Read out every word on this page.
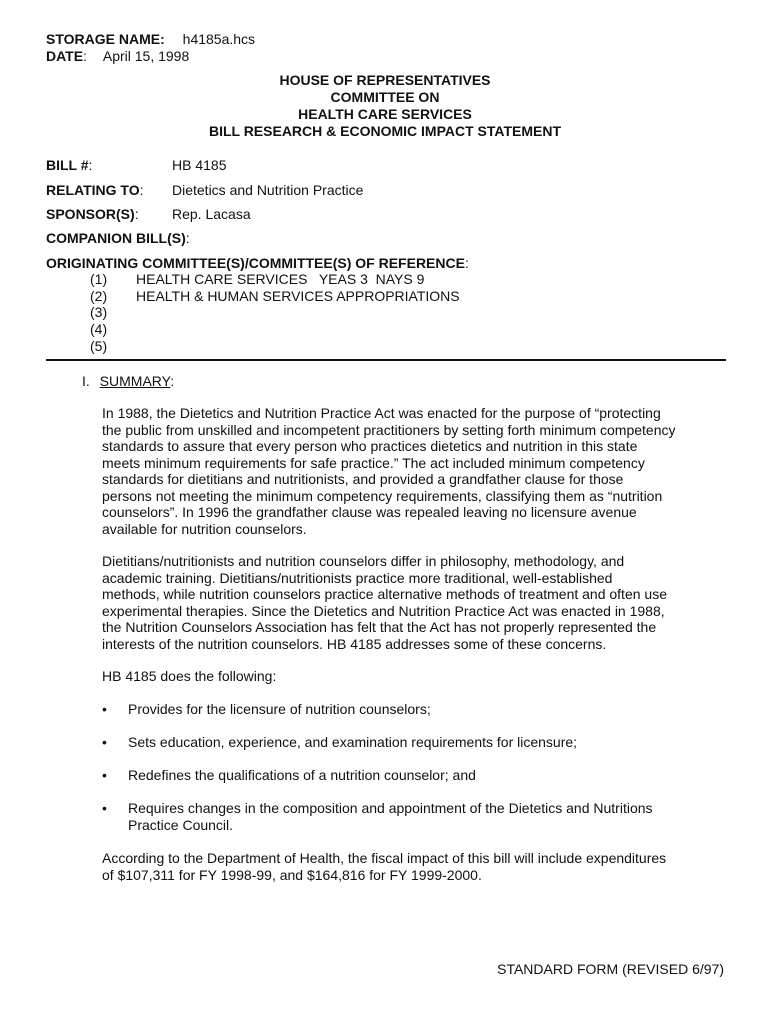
STORAGE NAME: h4185a.hcs
DATE: April 15, 1998
HOUSE OF REPRESENTATIVES
COMMITTEE ON
HEALTH CARE SERVICES
BILL RESEARCH & ECONOMIC IMPACT STATEMENT
BILL #:	HB 4185
RELATING TO: Dietetics and Nutrition Practice
SPONSOR(S): Rep. Lacasa
COMPANION BILL(S):
ORIGINATING COMMITTEE(S)/COMMITTEE(S) OF REFERENCE:
(1) HEALTH CARE SERVICES   YEAS 3  NAYS 9
(2) HEALTH & HUMAN SERVICES APPROPRIATIONS
(3)
(4)
(5)
I. SUMMARY:
In 1988, the Dietetics and Nutrition Practice Act was enacted for the purpose of “protecting
the public from unskilled and incompetent practitioners by setting forth minimum competency
standards to assure that every person who practices dietetics and nutrition in this state
meets minimum requirements for safe practice.” The act included minimum competency
standards for dietitians and nutritionists, and provided a grandfather clause for those
persons not meeting the minimum competency requirements, classifying them as “nutrition
counselors”. In 1996 the grandfather clause was repealed leaving no licensure avenue
available for nutrition counselors.
Dietitians/nutritionists and nutrition counselors differ in philosophy, methodology, and
academic training. Dietitians/nutritionists practice more traditional, well-established
methods, while nutrition counselors practice alternative methods of treatment and often use
experimental therapies. Since the Dietetics and Nutrition Practice Act was enacted in 1988,
the Nutrition Counselors Association has felt that the Act has not properly represented the
interests of the nutrition counselors. HB 4185 addresses some of these concerns.
HB 4185 does the following:
• Provides for the licensure of nutrition counselors;
• Sets education, experience, and examination requirements for licensure;
• Redefines the qualifications of a nutrition counselor; and
• Requires changes in the composition and appointment of the Dietetics and Nutritions
Practice Council.
According to the Department of Health, the fiscal impact of this bill will include expenditures
of $107,311 for FY 1998-99, and $164,816 for FY 1999-2000.
STANDARD FORM (REVISED 6/97)
